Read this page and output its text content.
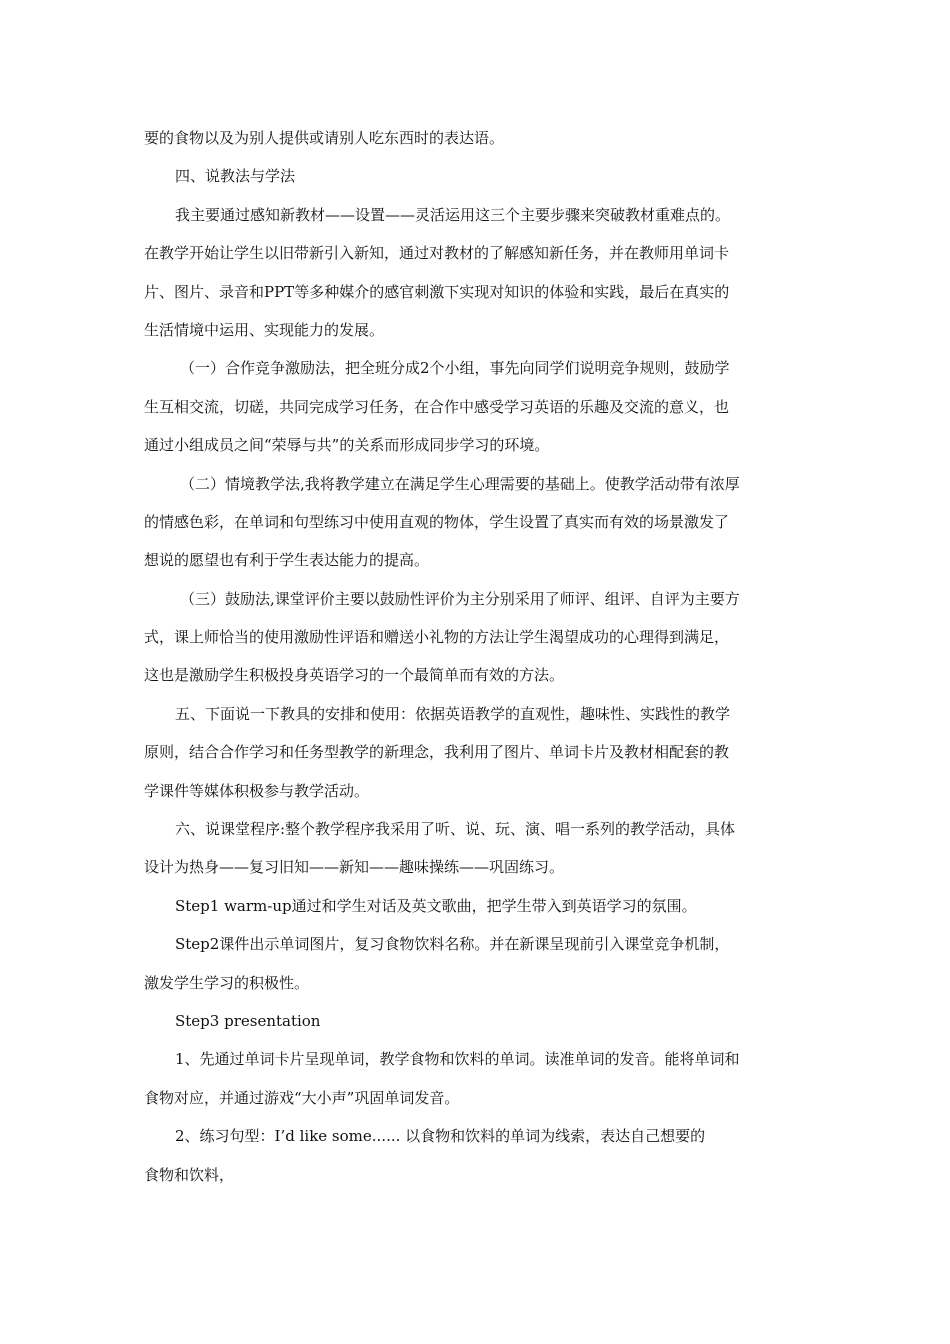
要的食物以及为别人提供或请别人吃东西时的表达语。
四、说教法与学法
我主要通过感知新教材——设置——灵活运用这三个主要步骤来突破教材重难点的。
在教学开始让学生以旧带新引入新知，通过对教材的了解感知新任务，并在教师用单词卡
片、图片、录音和PPT等多种媒介的感官刺激下实现对知识的体验和实践，最后在真实的
生活情境中运用、实现能力的发展。
（一）合作竞争激励法，把全班分成2个小组，事先向同学们说明竞争规则，鼓励学
生互相交流，切磋，共同完成学习任务，在合作中感受学习英语的乐趣及交流的意义，也
通过小组成员之间“荣辱与共”的关系而形成同步学习的环境。
（二）情境教学法,我将教学建立在满足学生心理需要的基础上。使教学活动带有浓厚
的情感色彩，在单词和句型练习中使用直观的物体，学生设置了真实而有效的场景激发了
想说的愿望也有利于学生表达能力的提高。
（三）鼓励法,课堂评价主要以鼓励性评价为主分别采用了师评、组评、自评为主要方
式，课上师恰当的使用激励性评语和赠送小礼物的方法让学生渴望成功的心理得到满足，
这也是激励学生积极投身英语学习的一个最简单而有效的方法。
五、下面说一下教具的安排和使用：依据英语教学的直观性，趣味性、实践性的教学
原则，结合合作学习和任务型教学的新理念，我利用了图片、单词卡片及教材相配套的教
学课件等媒体积极参与教学活动。
六、说课堂程序:整个教学程序我采用了听、说、玩、演、唱一系列的教学活动，具体
设计为热身——复习旧知——新知——趣味操练——巩固练习。
Step1 warm-up通过和学生对话及英文歌曲，把学生带入到英语学习的氛围。
Step2课件出示单词图片，复习食物饮料名称。并在新课呈现前引入课堂竞争机制，
激发学生学习的积极性。
Step3 presentation
1、先通过单词卡片呈现单词，教学食物和饮料的单词。读准单词的发音。能将单词和
食物对应，并通过游戏“大小声”巩固单词发音。
2、练习句型：I’d like some...... 以食物和饮料的单词为线索，表达自己想要的
食物和饮料，
